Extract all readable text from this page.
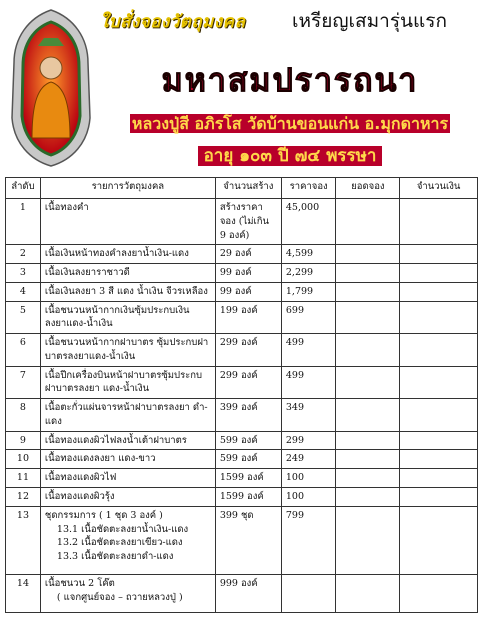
ใบสั่งจองวัตถุมงคล เหรียญเสมารุ่นแรก
มหาสมปรารถนา
หลวงปู่สี อภิรโส วัดบ้านขอนแก่น อ.มุกดาหาร
อายุ ๑๐๓ ปี ๗๔ พรรษา
ลำดับ	รายการวัตถุมงคล	จำนวนสร้าง	ราคาจอง	ยอดจอง	จำนวนเงิน
1	เนื้อทองคำ	สร้างราคาจอง (ไม่เกิน 9 องค์)	45,000		
2	เนื้อเงินหน้าทองคำลงยาน้ำเงิน-แดง	29 องค์	4,599		
3	เนื้อเงินลงยาราชาวดี	99 องค์	2,299		
4	เนื้อเงินลงยา 3 สี แดง น้ำเงิน จีวรเหลือง	99 องค์	1,799		
5	เนื้อชนวนหน้ากากเงินซุ้มประกบเงินลงยาแดง-น้ำเงิน	199 องค์	699		
6	เนื้อชนวนหน้ากากฝาบาตร ซุ้มประกบฝาบาตรลงยาแดง-น้ำเงิน	299 องค์	499		
7	เนื้อปีกเครื่องบินหน้าฝาบาตรซุ้มประกบฝาบาตรลงยา แดง-น้ำเงิน	299 องค์	499		
8	เนื้อตะกั่วแผ่นจารหน้าฝาบาตรลงยา ดำ-แดง	399 องค์	349		
9	เนื้อทองแดงผิวไฟลงน้ำเต้าฝาบาตร	599 องค์	299		
10	เนื้อทองแดงลงยา แดง-ขาว	599 องค์	249		
11	เนื้อทองแดงผิวไฟ	1599 องค์	100		
12	เนื้อทองแดงผิวรุ้ง	1599 องค์	100		
13	ชุดกรรมการ ( 1 ชุด 3 องค์ )
13.1 เนื้อชัดตะลงยาน้ำเงิน-แดง
13.2 เนื้อชัดตะลงยาเขียว-แดง
13.3 เนื้อชัดตะลงยาดำ-แดง	399 ชุด	799		
14	เนื้อชนวน 2 โค๊ต
( แจกศูนย์จอง – ถวายหลวงปู่ )	999 องค์			
